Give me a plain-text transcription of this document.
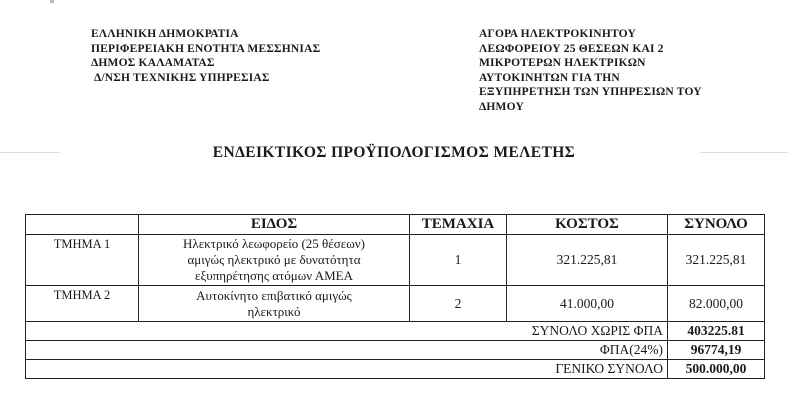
ΕΛΛΗΝΙΚΗ ΔΗΜΟΚΡΑΤΙΑ
ΠΕΡΙΦΕΡΕΙΑΚΗ ΕΝΟΤΗΤΑ ΜΕΣΣΗΝΙΑΣ
ΔΗΜΟΣ ΚΑΛΑΜΑΤΑΣ
Δ/ΝΣΗ ΤΕΧΝΙΚΗΣ ΥΠΗΡΕΣΙΑΣ
ΑΓΟΡΑ ΗΛΕΚΤΡΟΚΙΝΗΤΟΥ
ΛΕΩΦΟΡΕΙΟΥ 25 ΘΕΣΕΩΝ ΚΑΙ 2
ΜΙΚΡΟΤΕΡΩΝ ΗΛΕΚΤΡΙΚΩΝ
ΑΥΤΟΚΙΝΗΤΩΝ ΓΙΑ ΤΗΝ
ΕΞΥΠΗΡΕΤΗΣΗ ΤΩΝ ΥΠΗΡΕΣΙΩΝ ΤΟΥ
ΔΗΜΟΥ
ΕΝΔΕΙΚΤΙΚΟΣ ΠΡΟΫΠΟΛΟΓΙΣΜΟΣ ΜΕΛΕΤΗΣ
	ΕΙΔΟΣ	ΤΕΜΑΧΙΑ	ΚΟΣΤΟΣ	ΣΥΝΟΛΟ
ΤΜΗΜΑ 1	Ηλεκτρικό λεωφορείο (25 θέσεων)
αμιγώς ηλεκτρικό με δυνατότητα
εξυπηρέτησης ατόμων ΑΜΕΑ	1	321.225,81	321.225,81
ΤΜΗΜΑ 2	Αυτοκίνητο επιβατικό αμιγώς
ηλεκτρικό	2	41.000,00	82.000,00
ΣΥΝΟΛΟ ΧΩΡΙΣ ΦΠΑ				403225.81
ΦΠΑ(24%)				96774,19
ΓΕΝΙΚΟ ΣΥΝΟΛΟ				500.000,00
